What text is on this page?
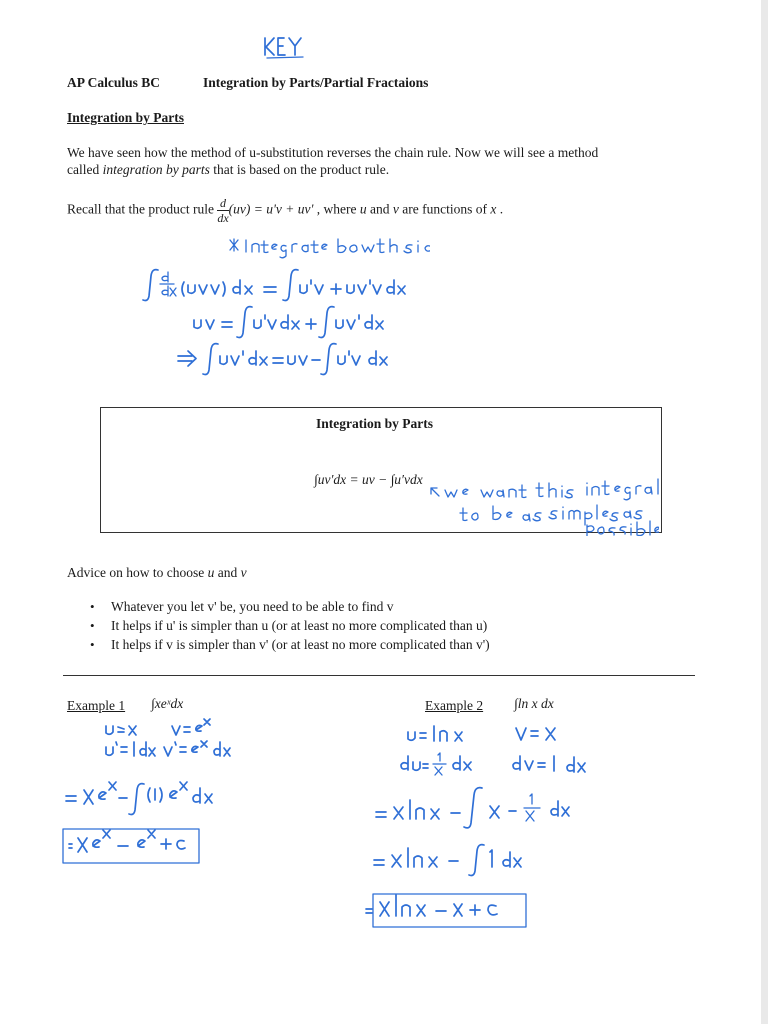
AP Calculus BC	Integration by Parts/Partial Fractaions
Integration by Parts
We have seen how the method of u-substitution reverses the chain rule. Now we will see a method
called integration by parts that is based on the product rule.
Recall that the product rule $\frac{d}{dx} (uv) = u'v + uv'$ , where u and v are functions of x .
Integration by Parts
∫uv′dx = uv − ∫u′vdx
Advice on how to choose u and v
• Whatever you let v' be, you need to be able to find v
• It helps if u' is simpler than u (or at least no more complicated than u)
• It helps if v is simpler than v' (or at least no more complicated than v')
Example 1 ∫xeˣdx	Example 2 ∫ln x dx
